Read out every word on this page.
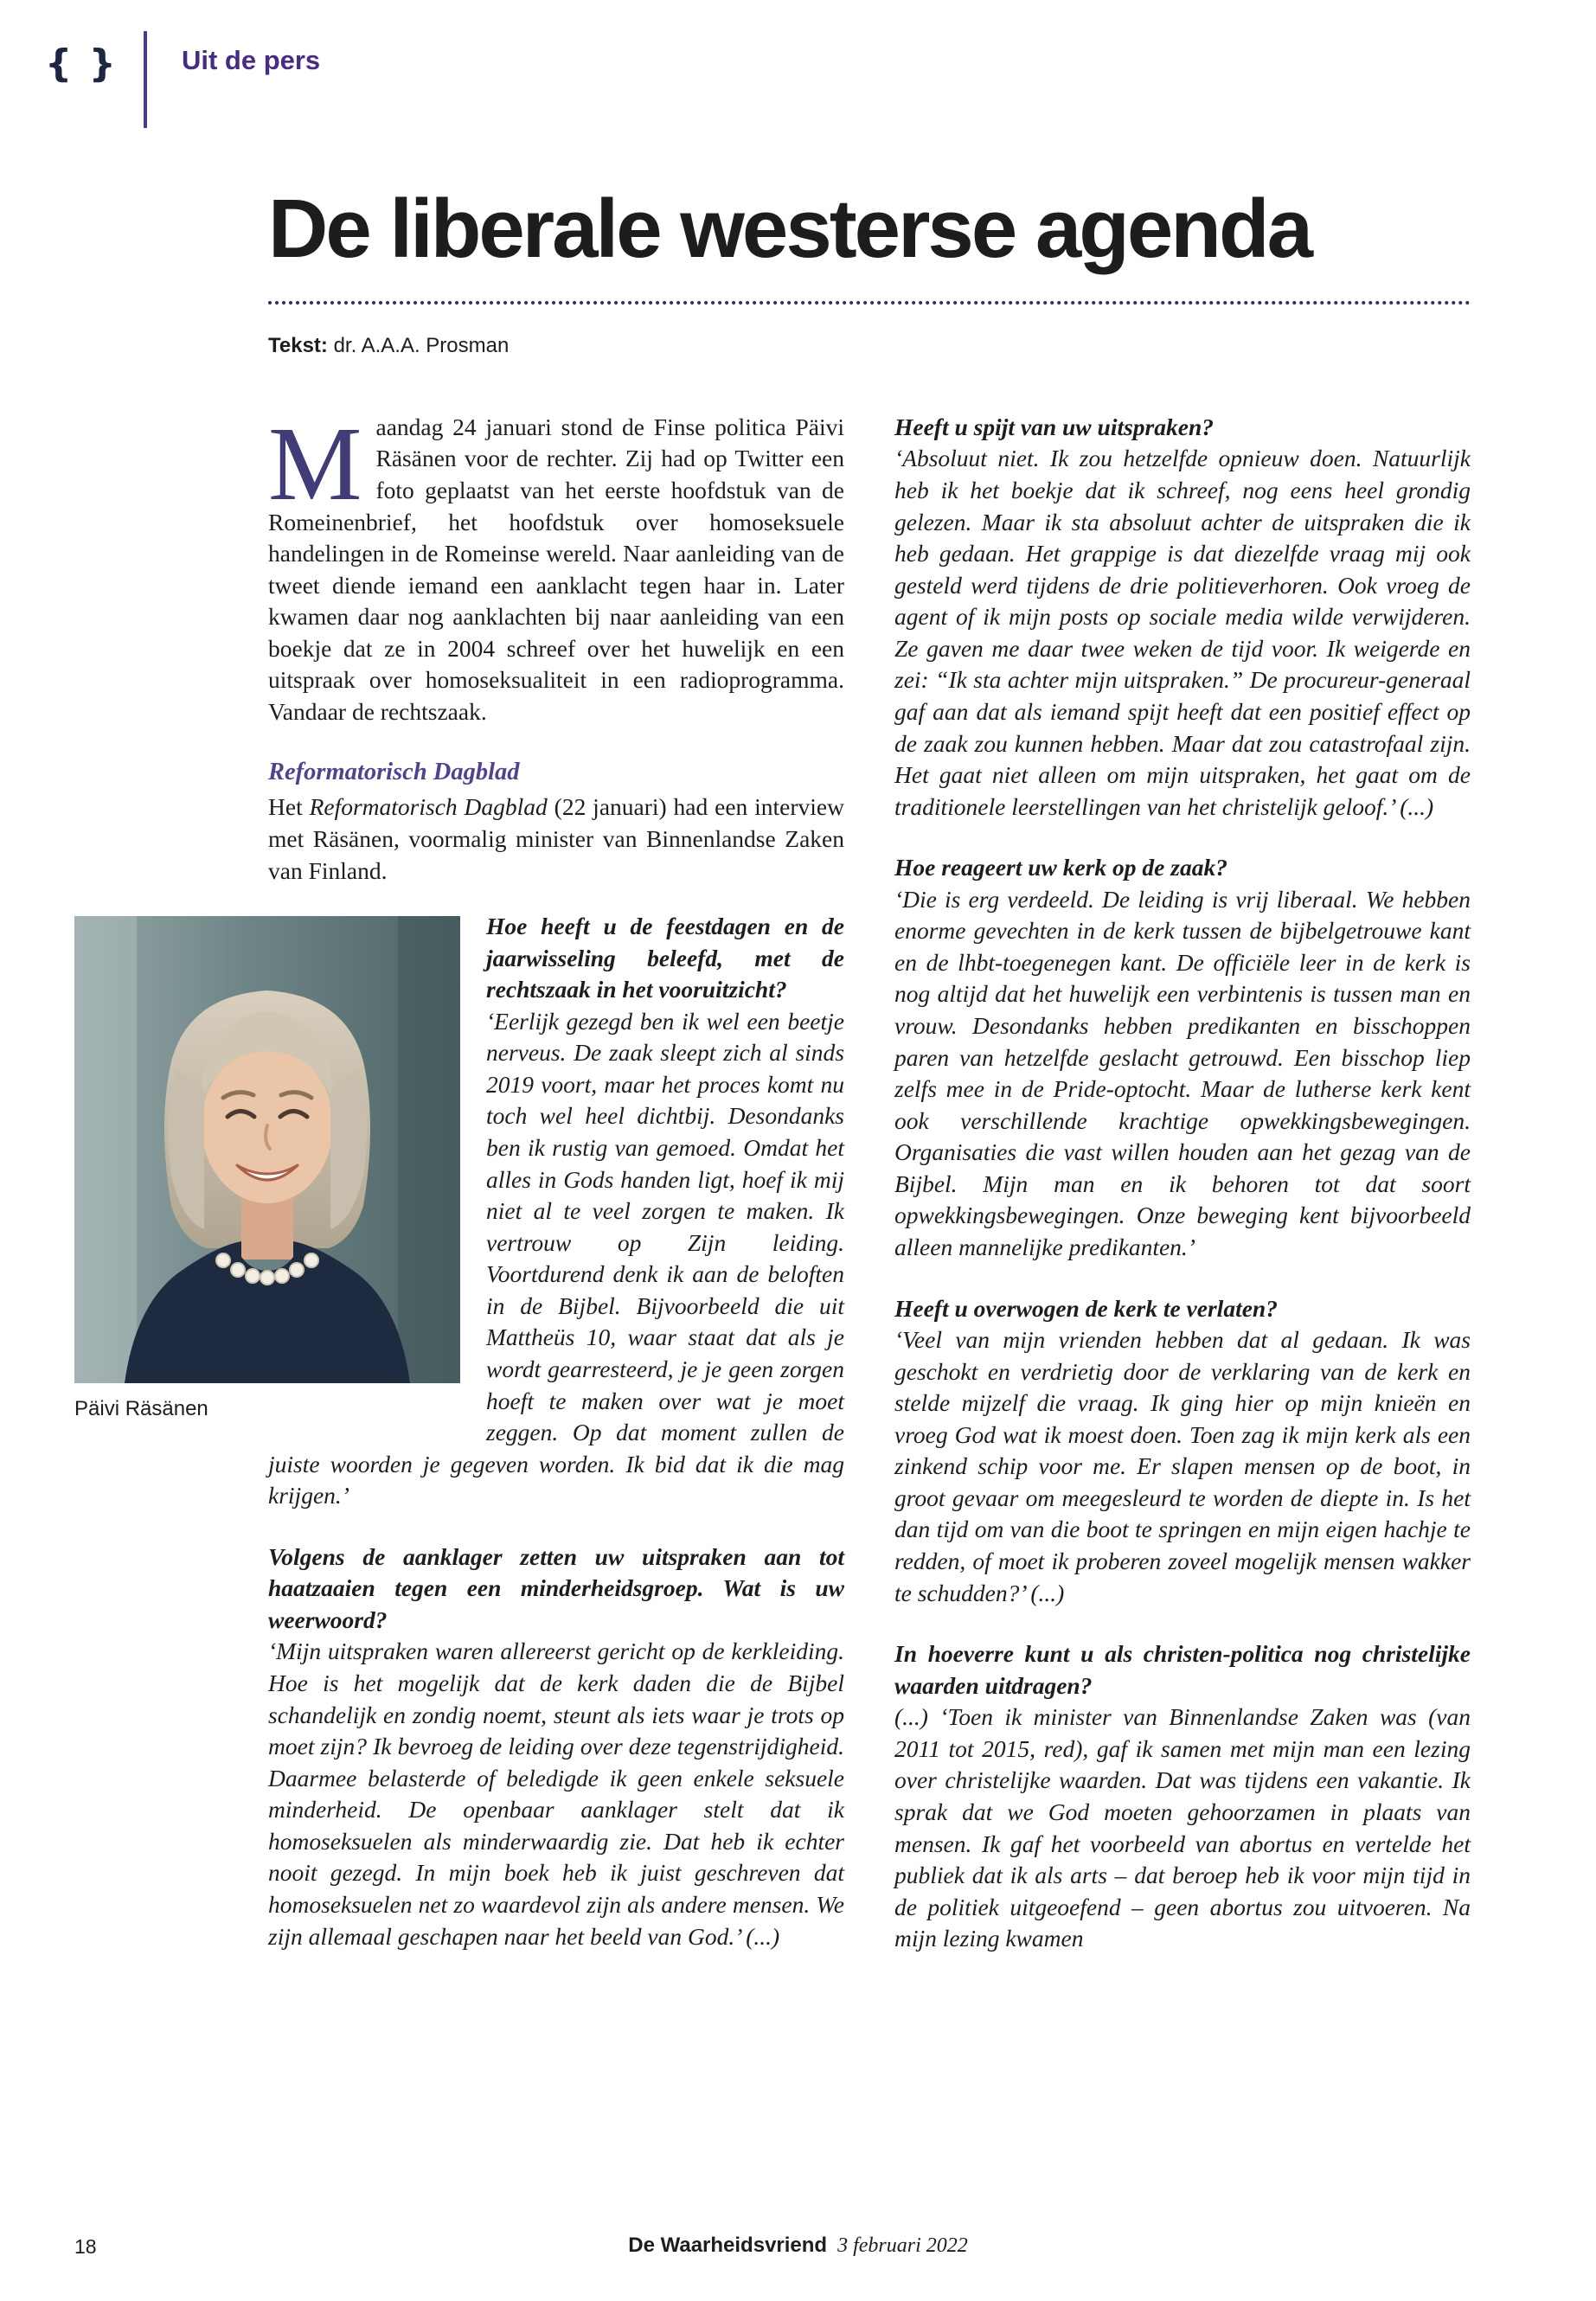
{ } Uit de pers
De liberale westerse agenda

Tekst: dr. A.A.A. Prosman

Maandag 24 januari stond de Finse politica Päivi Räsänen voor de rechter. Zij had op Twitter een foto geplaatst van het eerste hoofdstuk van de Romeinenbrief, het hoofdstuk over homoseksuele handelingen in de Romeinse wereld. Naar aanleiding van de tweet diende iemand een aanklacht tegen haar in. Later kwamen daar nog aanklachten bij naar aanleiding van een boekje dat ze in 2004 schreef over het huwelijk en een uitspraak over homoseksualiteit in een radioprogramma. Vandaar de rechtszaak.

Reformatorisch Dagblad

Het Reformatorisch Dagblad (22 januari) had een interview met Räsänen, voormalig minister van Binnenlandse Zaken van Finland.

Päivi Räsänen
Hoe heeft u de feestdagen en de jaarwisseling beleefd, met de rechtszaak in het vooruitzicht?

‘Eerlijk gezegd ben ik wel een beetje nerveus. De zaak sleept zich al sinds 2019 voort, maar het proces komt nu toch wel heel dichtbij. Desondanks ben ik rustig van gemoed. Omdat het alles in Gods handen ligt, hoef ik mij niet al te veel zorgen te maken. Ik vertrouw op Zijn leiding. Voortdurend denk ik aan de beloften in de Bijbel. Bijvoorbeeld die uit Mattheüs 10, waar staat dat als je wordt gearresteerd, je je geen zorgen hoeft te maken over wat je moet zeggen. Op dat moment zullen de juiste woorden je gegeven worden. Ik bid dat ik die mag krijgen.’

Volgens de aanklager zetten uw uitspraken aan tot haatzaaien tegen een minderheidsgroep. Wat is uw weerwoord?

‘Mijn uitspraken waren allereerst gericht op de kerkleiding. Hoe is het mogelijk dat de kerk daden die de Bijbel schandelijk en zondig noemt, steunt als iets waar je trots op moet zijn? Ik bevroeg de leiding over deze tegenstrijdigheid. Daarmee belasterde of beledigde ik geen enkele seksuele minderheid. De openbaar aanklager stelt dat ik homoseksuelen als minderwaardig zie. Dat heb ik echter nooit gezegd. In mijn boek heb ik juist geschreven dat homoseksuelen net zo waardevol zijn als andere mensen. We zijn allemaal geschapen naar het beeld van God.’ (...)

Heeft u spijt van uw uitspraken?

‘Absoluut niet. Ik zou hetzelfde opnieuw doen. Natuurlijk heb ik het boekje dat ik schreef, nog eens heel grondig gelezen. Maar ik sta absoluut achter de uitspraken die ik heb gedaan. Het grappige is dat diezelfde vraag mij ook gesteld werd tijdens de drie politieverhoren. Ook vroeg de agent of ik mijn posts op sociale media wilde verwijderen. Ze gaven me daar twee weken de tijd voor. Ik weigerde en zei: “Ik sta achter mijn uitspraken.” De procureur-generaal gaf aan dat als iemand spijt heeft dat een positief effect op de zaak zou kunnen hebben. Maar dat zou catastrofaal zijn. Het gaat niet alleen om mijn uitspraken, het gaat om de traditionele leerstellingen van het christelijk geloof.’ (...)

Hoe reageert uw kerk op de zaak?

‘Die is erg verdeeld. De leiding is vrij liberaal. We hebben enorme gevechten in de kerk tussen de bijbelgetrouwe kant en de lhbt-toegenegen kant. De officiële leer in de kerk is nog altijd dat het huwelijk een verbintenis is tussen man en vrouw. Desondanks hebben predikanten en bisschoppen paren van hetzelfde geslacht getrouwd. Een bisschop liep zelfs mee in de Pride-optocht. Maar de lutherse kerk kent ook verschillende krachtige opwekkingsbewegingen. Organisaties die vast willen houden aan het gezag van de Bijbel. Mijn man en ik behoren tot dat soort opwekkingsbewegingen. Onze beweging kent bijvoorbeeld alleen mannelijke predikanten.’

Heeft u overwogen de kerk te verlaten?

‘Veel van mijn vrienden hebben dat al gedaan. Ik was geschokt en verdrietig door de verklaring van de kerk en stelde mijzelf die vraag. Ik ging hier op mijn knieën en vroeg God wat ik moest doen. Toen zag ik mijn kerk als een zinkend schip voor me. Er slapen mensen op de boot, in groot gevaar om meegesleurd te worden de diepte in. Is het dan tijd om van die boot te springen en mijn eigen hachje te redden, of moet ik proberen zoveel mogelijk mensen wakker te schudden?’ (...)

In hoeverre kunt u als christen-politica nog christelijke waarden uitdragen?

(...) ‘Toen ik minister van Binnenlandse Zaken was (van 2011 tot 2015, red), gaf ik samen met mijn man een lezing over christelijke waarden. Dat was tijdens een vakantie. Ik sprak dat we God moeten gehoorzamen in plaats van mensen. Ik gaf het voorbeeld van abortus en vertelde het publiek dat ik als arts – dat beroep heb ik voor mijn tijd in de politiek uitgeoefend – geen abortus zou uitvoeren. Na mijn lezing kwamen

18	De Waarheidsvriend 3 februari 2022
